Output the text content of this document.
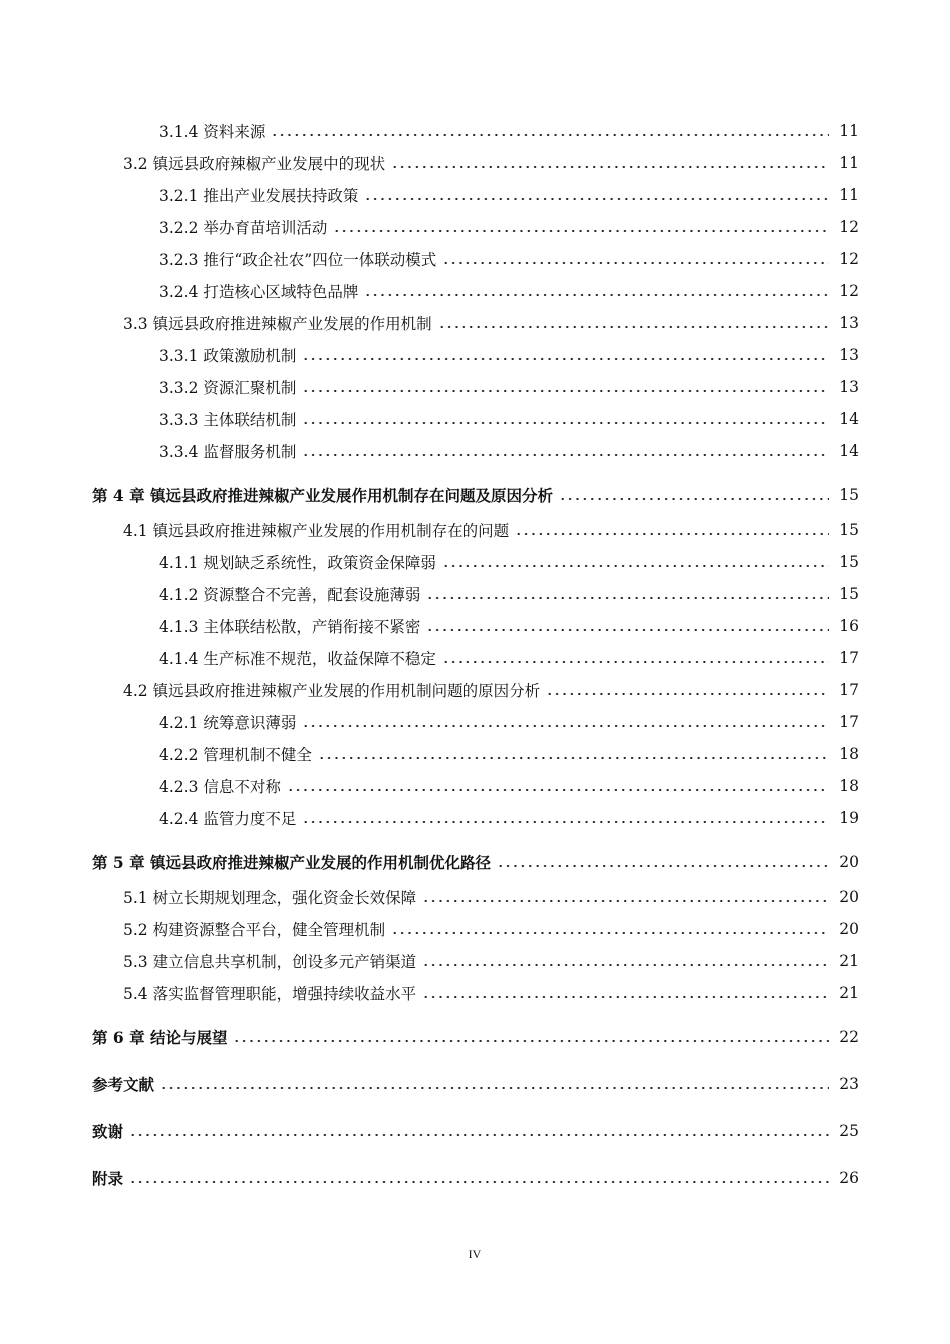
3.1.4 资料来源	11
3.2 镇远县政府辣椒产业发展中的现状	11
3.2.1 推出产业发展扶持政策	11
3.2.2 举办育苗培训活动	12
3.2.3 推行“政企社农”四位一体联动模式	12
3.2.4 打造核心区域特色品牌	12
3.3 镇远县政府推进辣椒产业发展的作用机制	13
3.3.1 政策激励机制	13
3.3.2 资源汇聚机制	13
3.3.3 主体联结机制	14
3.3.4 监督服务机制	14
第 4 章 镇远县政府推进辣椒产业发展作用机制存在问题及原因分析	15
4.1 镇远县政府推进辣椒产业发展的作用机制存在的问题	15
4.1.1 规划缺乏系统性，政策资金保障弱	15
4.1.2 资源整合不完善，配套设施薄弱	15
4.1.3 主体联结松散，产销衔接不紧密	16
4.1.4 生产标准不规范，收益保障不稳定	17
4.2 镇远县政府推进辣椒产业发展的作用机制问题的原因分析	17
4.2.1 统筹意识薄弱	17
4.2.2 管理机制不健全	18
4.2.3 信息不对称	18
4.2.4 监管力度不足	19
第 5 章 镇远县政府推进辣椒产业发展的作用机制优化路径	20
5.1 树立长期规划理念，强化资金长效保障	20
5.2 构建资源整合平台，健全管理机制	20
5.3 建立信息共享机制，创设多元产销渠道	21
5.4 落实监督管理职能，增强持续收益水平	21
第 6 章 结论与展望	22
参考文献	23
致谢	25
附录	26
IV
